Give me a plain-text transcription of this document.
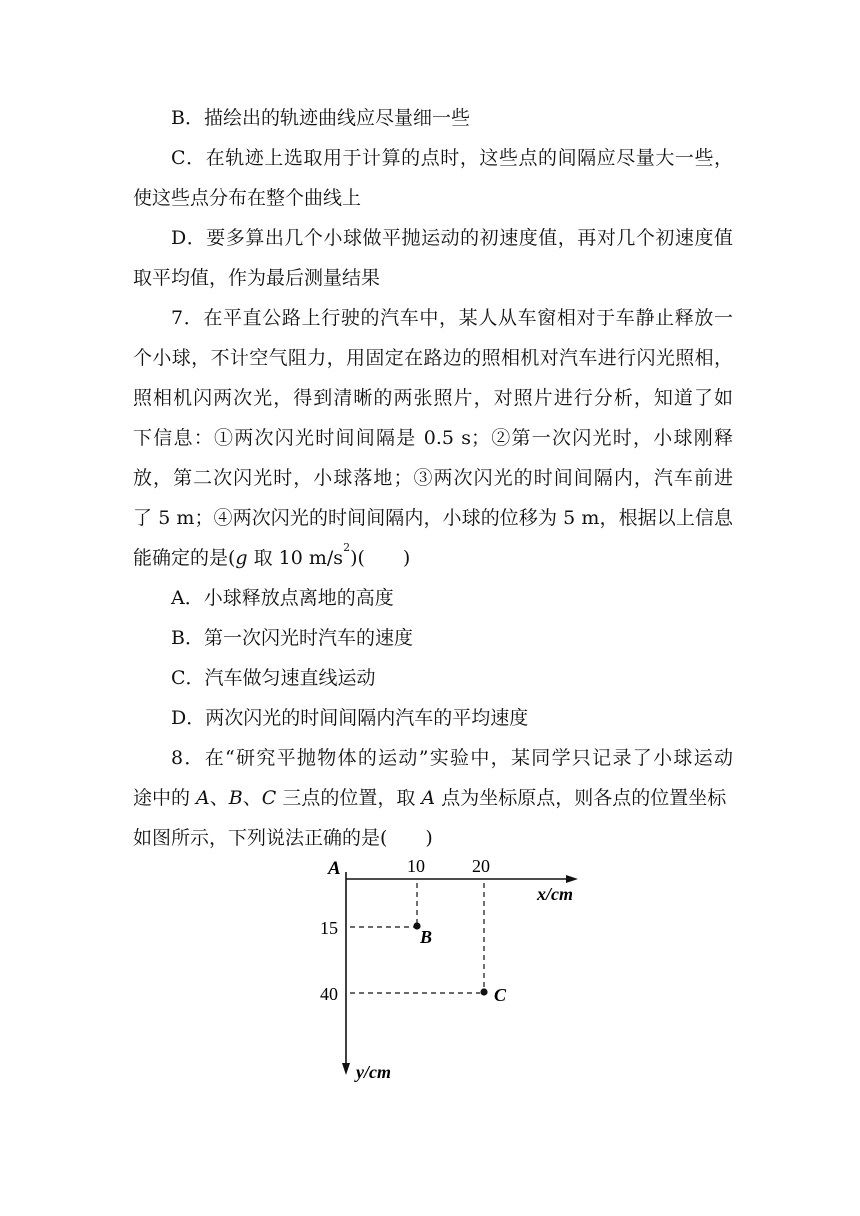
B．描绘出的轨迹曲线应尽量细一些
C．在轨迹上选取用于计算的点时，这些点的间隔应尽量大一些，
使这些点分布在整个曲线上
D．要多算出几个小球做平抛运动的初速度值，再对几个初速度值
取平均值，作为最后测量结果
7．在平直公路上行驶的汽车中，某人从车窗相对于车静止释放一
个小球，不计空气阻力，用固定在路边的照相机对汽车进行闪光照相，
照相机闪两次光，得到清晰的两张照片，对照片进行分析，知道了如
下信息：①两次闪光时间间隔是 0.5 s；②第一次闪光时，小球刚释
放，第二次闪光时，小球落地；③两次闪光的时间间隔内，汽车前进
了 5 m；④两次闪光的时间间隔内，小球的位移为 5 m，根据以上信息
能确定的是(g 取 10 $m/s^2$)(　　)
A．小球释放点离地的高度
B．第一次闪光时汽车的速度
C．汽车做匀速直线运动
D．两次闪光的时间间隔内汽车的平均速度
8．在“研究平抛物体的运动”实验中，某同学只记录了小球运动
途中的 A、B、C 三点的位置，取 A 点为坐标原点，则各点的位置坐标
如图所示，下列说法正确的是(　　)
A
x/cm
y/cm
10	20
15
40
B
C
